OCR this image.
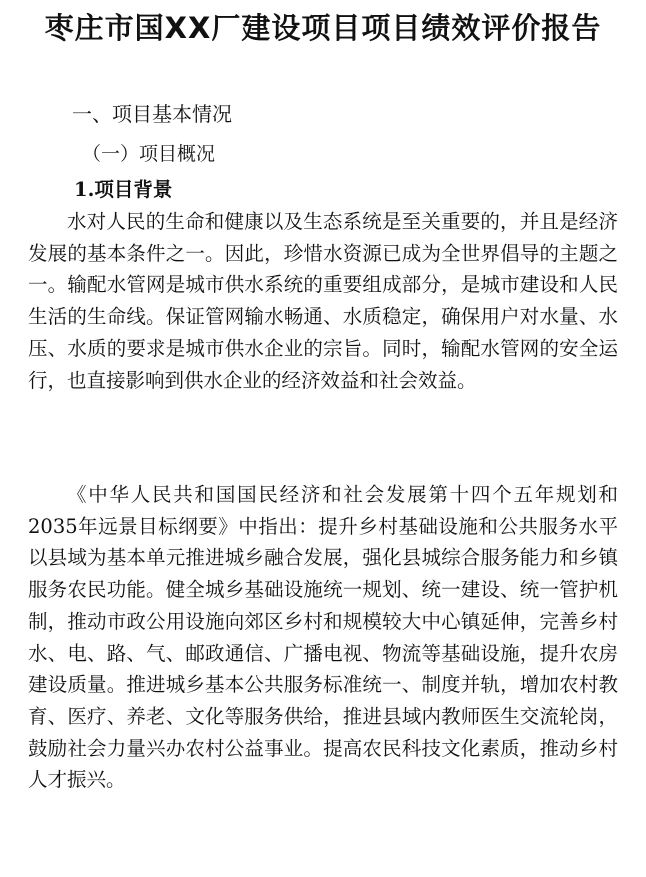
枣庄市国XX厂建设项目项目绩效评价报告
一、项目基本情况
（一）项目概况
1.项目背景

水对人民的生命和健康以及生态系统是至关重要的，并且是经济发展的基本条件之一。因此，珍惜水资源已成为全世界倡导的主题之一。输配水管网是城市供水系统的重要组成部分，是城市建设和人民生活的生命线。保证管网输水畅通、水质稳定，确保用户对水量、水压、水质的要求是城市供水企业的宗旨。同时，输配水管网的安全运行，也直接影响到供水企业的经济效益和社会效益。

《中华人民共和国国民经济和社会发展第十四个五年规划和2035年远景目标纲要》中指出：提升乡村基础设施和公共服务水平以县域为基本单元推进城乡融合发展，强化县城综合服务能力和乡镇服务农民功能。健全城乡基础设施统一规划、统一建设、统一管护机制，推动市政公用设施向郊区乡村和规模较大中心镇延伸，完善乡村水、电、路、气、邮政通信、广播电视、物流等基础设施，提升农房建设质量。推进城乡基本公共服务标准统一、制度并轨，增加农村教育、医疗、养老、文化等服务供给，推进县域内教师医生交流轮岗，鼓励社会力量兴办农村公益事业。提高农民科技文化素质，推动乡村人才振兴。
